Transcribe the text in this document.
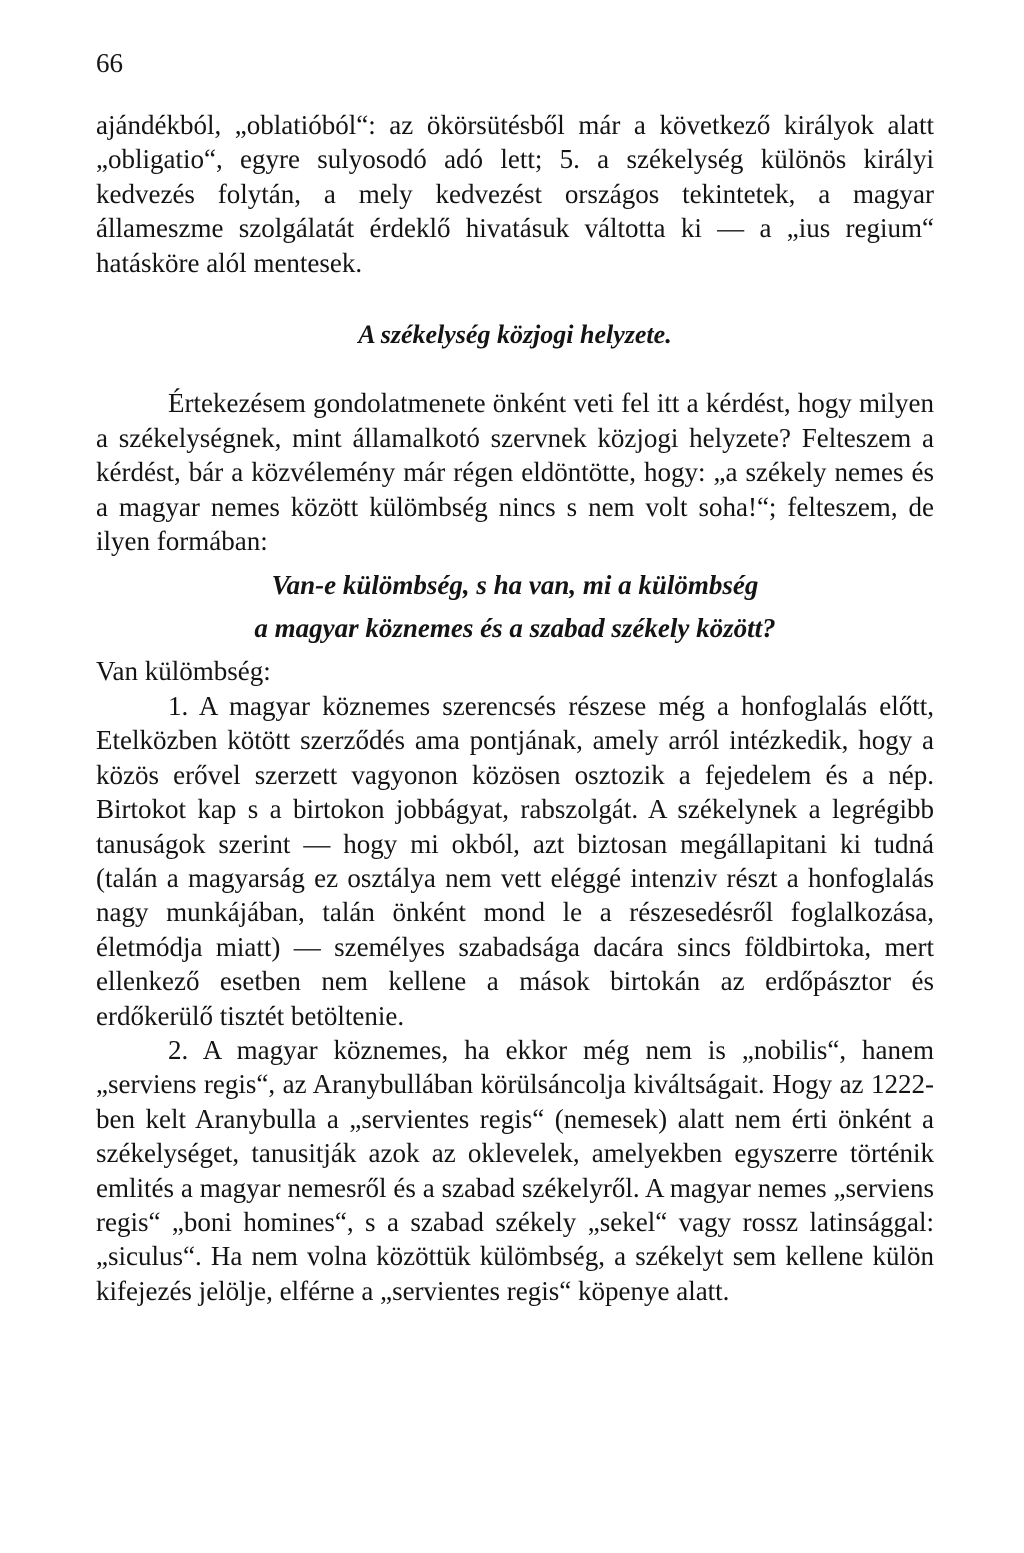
66

ajándékból, „oblatióból“: az ökörsütésből már a következő királyok alatt „obligatio“, egyre sulyosodó adó lett; 5. a székelység különös királyi kedvezés folytán, a mely kedvezést országos tekintetek, a magyar állameszme szolgálatát érdeklő hivatásuk váltotta ki — a „ius regium“ hatásköre alól mentesek.

A székelység közjogi helyzete.

Értekezésem gondolatmenete önként veti fel itt a kérdést, hogy milyen a székelységnek, mint államalkotó szervnek közjogi helyzete? Felteszem a kérdést, bár a közvélemény már régen eldöntötte, hogy: „a székely nemes és a magyar nemes között külömbség nincs s nem volt soha!“; felteszem, de ilyen formában:

Van-e külömbség, s ha van, mi a külömbség
a magyar köznemes és a szabad székely között?

Van külömbség:

1. A magyar köznemes szerencsés részese még a honfoglalás előtt, Etelközben kötött szerződés ama pontjának, amely arról intézkedik, hogy a közös erővel szerzett vagyonon közösen osztozik a fejedelem és a nép. Birtokot kap s a birtokon jobbágyat, rabszolgát. A székelynek a legrégibb tanuságok szerint — hogy mi okból, azt biztosan megállapitani ki tudná (talán a magyarság ez osztálya nem vett eléggé intenziv részt a honfoglalás nagy munkájában, talán önként mond le a részesedésről foglalkozása, életmódja miatt) — személyes szabadsága dacára sincs földbirtoka, mert ellenkező esetben nem kellene a mások birtokán az erdőpásztor és erdőkerülő tisztét betöltenie.

2. A magyar köznemes, ha ekkor még nem is „nobilis“, hanem „serviens regis“, az Aranybullában körülsáncolja kiváltságait. Hogy az 1222-ben kelt Aranybulla a „servientes regis“ (nemesek) alatt nem érti önként a székelységet, tanusitják azok az oklevelek, amelyekben egyszerre történik emlités a magyar nemesről és a szabad székelyről. A magyar nemes „serviens regis“ „boni homines“, s a szabad székely „sekel“ vagy rossz latinsággal: „siculus“. Ha nem volna közöttük külömbség, a székelyt sem kellene külön kifejezés jelölje, elférne a „servientes regis“ köpenye alatt.
